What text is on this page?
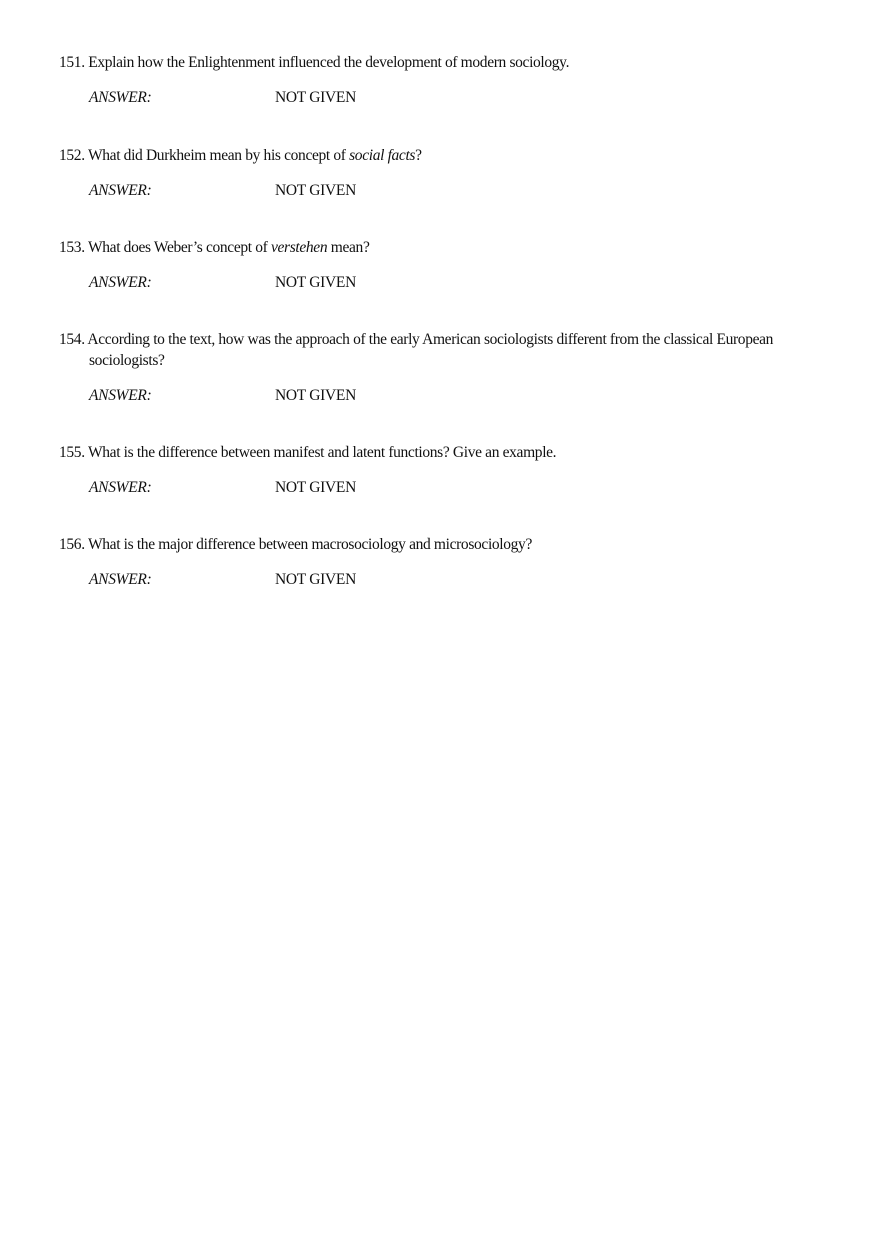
151. Explain how the Enlightenment influenced the development of modern sociology.

ANSWER:	NOT GIVEN

152. What did Durkheim mean by his concept of social facts?

ANSWER:	NOT GIVEN

153. What does Weber’s concept of verstehen mean?

ANSWER:	NOT GIVEN

154. According to the text, how was the approach of the early American sociologists different from the classical European sociologists?

ANSWER:	NOT GIVEN

155. What is the difference between manifest and latent functions? Give an example.

ANSWER:	NOT GIVEN

156. What is the major difference between macrosociology and microsociology?

ANSWER:	NOT GIVEN
